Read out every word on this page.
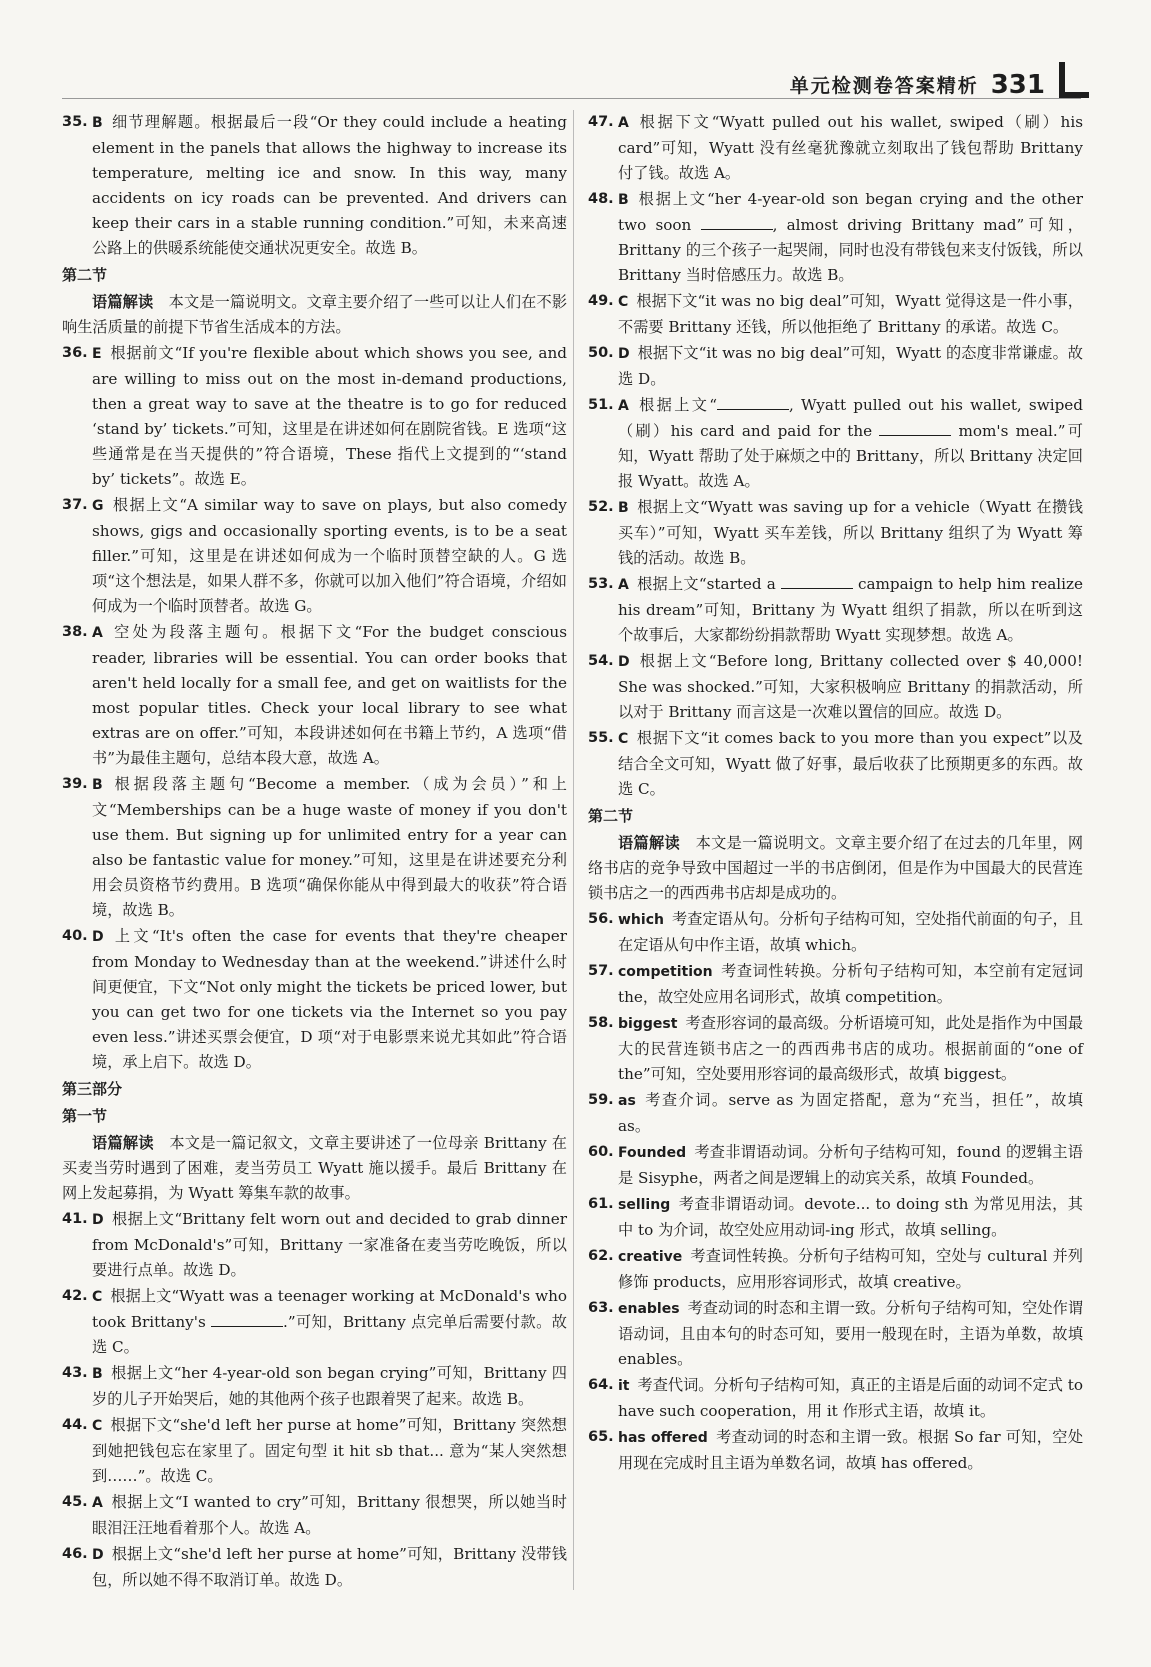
单元检测卷答案精析 331
35. B 细节理解题。根据最后一段“Or they could include a heating element in the panels that allows the highway to increase its temperature, melting ice and snow. In this way, many accidents on icy roads can be prevented. And drivers can keep their cars in a stable running condition.”可知，未来高速公路上的供暖系统能使交通状况更安全。故选 B。
第二节
语篇解读　 本文是一篇说明文。文章主要介绍了一些可以让人们在不影响生活质量的前提下节省生活成本的方法。
36. E 根据前文“If you're flexible about which shows you see, and are willing to miss out on the most in-demand productions, then a great way to save at the theatre is to go for reduced ‘stand by’ tickets.”可知，这里是在讲述如何在剧院省钱。E 选项“这些通常是在当天提供的”符合语境，These 指代上文提到的“‘stand by’ tickets”。故选 E。
37. G 根据上文“A similar way to save on plays, but also comedy shows, gigs and occasionally sporting events, is to be a seat filler.”可知，这里是在讲述如何成为一个临时顶替空缺的人。G 选项“这个想法是，如果人群不多，你就可以加入他们”符合语境，介绍如何成为一个临时顶替者。故选 G。
38. A 空处为段落主题句。根据下文“For the budget conscious reader, libraries will be essential. You can order books that aren't held locally for a small fee, and get on waitlists for the most popular titles. Check your local library to see what extras are on offer.”可知，本段讲述如何在书籍上节约，A 选项“借书”为最佳主题句，总结本段大意，故选 A。
39. B 根据段落主题句“Become a member.（成为会员）”和上文“Memberships can be a huge waste of money if you don't use them. But signing up for unlimited entry for a year can also be fantastic value for money.”可知，这里是在讲述要充分利用会员资格节约费用。B 选项“确保你能从中得到最大的收获”符合语境，故选 B。
40. D 上文“It's often the case for events that they're cheaper from Monday to Wednesday than at the weekend.”讲述什么时间更便宜，下文“Not only might the tickets be priced lower, but you can get two for one tickets via the Internet so you pay even less.”讲述买票会便宜，D 项“对于电影票来说尤其如此”符合语境，承上启下。故选 D。
第三部分
第一节
语篇解读　 本文是一篇记叙文，文章主要讲述了一位母亲 Brittany 在买麦当劳时遇到了困难，麦当劳员工 Wyatt 施以援手。最后 Brittany 在网上发起募捐，为 Wyatt 筹集车款的故事。
41. D 根据上文“Brittany felt worn out and decided to grab dinner from McDonald's”可知，Brittany 一家准备在麦当劳吃晚饭，所以要进行点单。故选 D。
42. C 根据上文“Wyatt was a teenager working at McDonald's who took Brittany's	.”可知，Brittany 点完单后需要付款。故选 C。
43. B 根据上文“her 4-year-old son began crying”可知，Brittany 四岁的儿子开始哭后，她的其他两个孩子也跟着哭了起来。故选 B。
44. C 根据下文“she'd left her purse at home”可知，Brittany 突然想到她把钱包忘在家里了。固定句型 it hit sb that... 意为“某人突然想到……”。故选 C。
45. A 根据上文“I wanted to cry”可知，Brittany 很想哭，所以她当时眼泪汪汪地看着那个人。故选 A。
46. D 根据上文“she'd left her purse at home”可知，Brittany 没带钱包，所以她不得不取消订单。故选 D。
47. A 根据下文“Wyatt pulled out his wallet, swiped（刷）his card”可知，Wyatt 没有丝毫犹豫就立刻取出了钱包帮助 Brittany 付了钱。故选 A。
48. B 根据上文“her 4-year-old son began crying and the other two soon	, almost driving Brittany mad”可知，Brittany 的三个孩子一起哭闹，同时也没有带钱包来支付饭钱，所以 Brittany 当时倍感压力。故选 B。
49. C 根据下文“it was no big deal”可知，Wyatt 觉得这是一件小事，不需要 Brittany 还钱，所以他拒绝了 Brittany 的承诺。故选 C。
50. D 根据下文“it was no big deal”可知，Wyatt 的态度非常谦虚。故选 D。
51. A 根据上文“	, Wyatt pulled out his wallet, swiped（刷）his card and paid for the	mom's meal.”可知，Wyatt 帮助了处于麻烦之中的 Brittany，所以 Brittany 决定回报 Wyatt。故选 A。
52. B 根据上文“Wyatt was saving up for a vehicle（Wyatt 在攒钱买车）”可知，Wyatt 买车差钱，所以 Brittany 组织了为 Wyatt 筹钱的活动。故选 B。
53. A 根据上文“started a	campaign to help him realize his dream”可知，Brittany 为 Wyatt 组织了捐款，所以在听到这个故事后，大家都纷纷捐款帮助 Wyatt 实现梦想。故选 A。
54. D 根据上文“Before long, Brittany collected over $ 40,000! She was shocked.”可知，大家积极响应 Brittany 的捐款活动，所以对于 Brittany 而言这是一次难以置信的回应。故选 D。
55. C 根据下文“it comes back to you more than you expect”以及结合全文可知，Wyatt 做了好事，最后收获了比预期更多的东西。故选 C。
第二节
语篇解读　 本文是一篇说明文。文章主要介绍了在过去的几年里，网络书店的竞争导致中国超过一半的书店倒闭，但是作为中国最大的民营连锁书店之一的西西弗书店却是成功的。
56. which 考查定语从句。分析句子结构可知，空处指代前面的句子，且在定语从句中作主语，故填 which。
57. competition 考查词性转换。分析句子结构可知，本空前有定冠词 the，故空处应用名词形式，故填 competition。
58. biggest 考查形容词的最高级。分析语境可知，此处是指作为中国最大的民营连锁书店之一的西西弗书店的成功。根据前面的“one of the”可知，空处要用形容词的最高级形式，故填 biggest。
59. as 考查介词。serve as 为固定搭配，意为“充当，担任”，故填 as。
60. Founded 考查非谓语动词。分析句子结构可知，found 的逻辑主语是 Sisyphe，两者之间是逻辑上的动宾关系，故填 Founded。
61. selling 考查非谓语动词。devote... to doing sth 为常见用法，其中 to 为介词，故空处应用动词-ing 形式，故填 selling。
62. creative 考查词性转换。分析句子结构可知，空处与 cultural 并列修饰 products，应用形容词形式，故填 creative。
63. enables 考查动词的时态和主谓一致。分析句子结构可知，空处作谓语动词，且由本句的时态可知，要用一般现在时，主语为单数，故填 enables。
64. it 考查代词。分析句子结构可知，真正的主语是后面的动词不定式 to have such cooperation，用 it 作形式主语，故填 it。
65. has offered 考查动词的时态和主谓一致。根据 So far 可知，空处用现在完成时且主语为单数名词，故填 has offered。
